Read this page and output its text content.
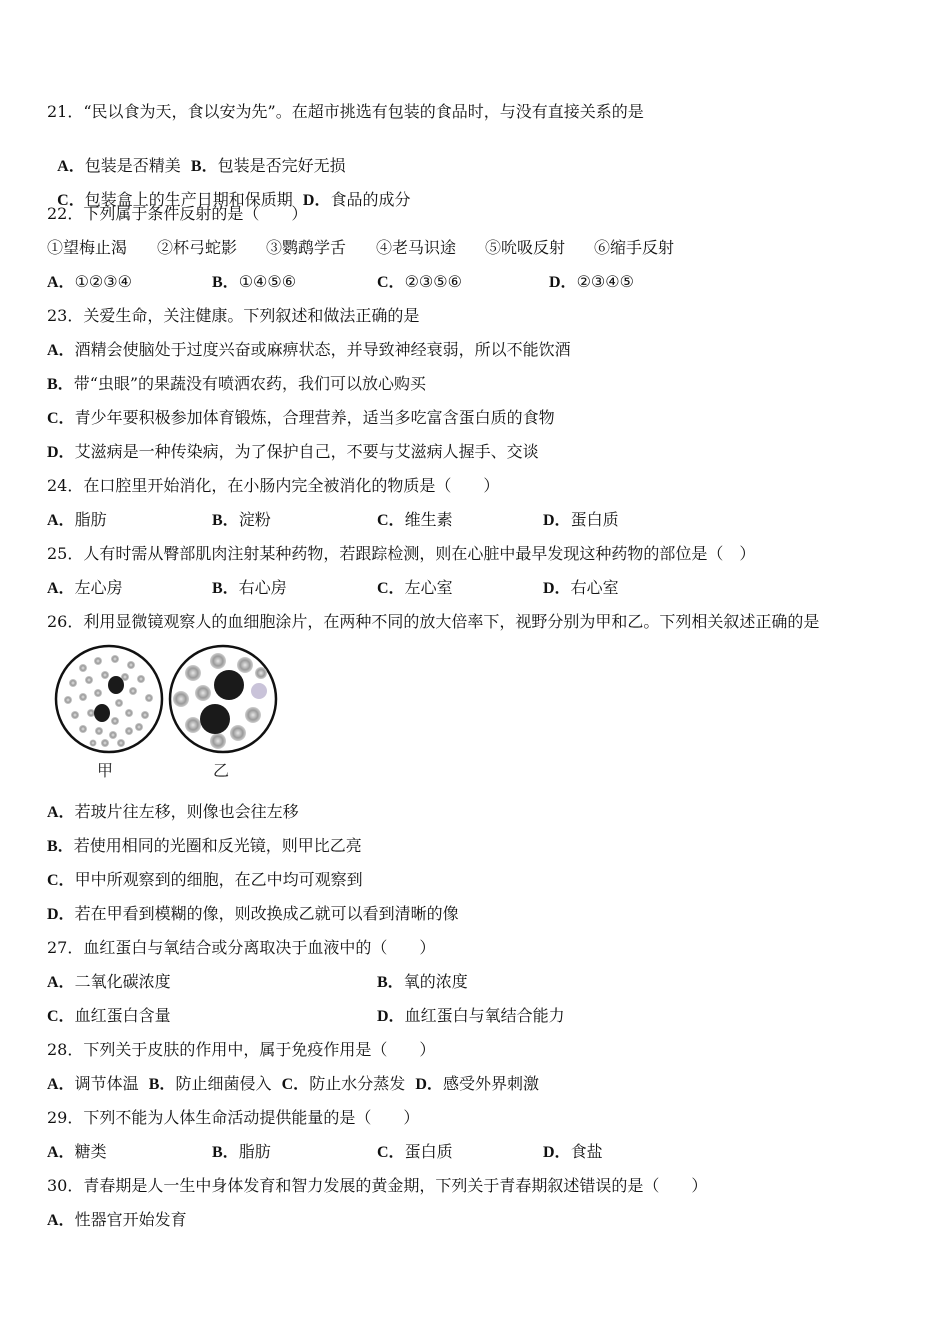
21．“民以食为天，食以安为先”。在超市挑选有包装的食品时，与没有直接关系的是

A．包装是否精美 B．包装是否完好无损

C．包装盒上的生产日期和保质期 D．食品的成分

22．下列属于条件反射的是（　　）
①望梅止渴 ②杯弓蛇影 ③鹦鹉学舌 ④老马识途 ⑤吮吸反射 ⑥缩手反射
A．①②③④	B．①④⑤⑥	C．②③⑤⑥	D．②③④⑤
23．关爱生命，关注健康。下列叙述和做法正确的是
A．酒精会使脑处于过度兴奋或麻痹状态，并导致神经衰弱，所以不能饮酒
B．带“虫眼”的果蔬没有喷洒农药，我们可以放心购买
C．青少年要积极参加体育锻炼，合理营养，适当多吃富含蛋白质的食物
D．艾滋病是一种传染病，为了保护自己，不要与艾滋病人握手、交谈
24．在口腔里开始消化，在小肠内完全被消化的物质是（　　）
A．脂肪	B．淀粉	C．维生素	D．蛋白质
25．人有时需从臀部肌肉注射某种药物，若跟踪检测，则在心脏中最早发现这种药物的部位是（　）
A．左心房	B．右心房	C．左心室	D．右心室
26．利用显微镜观察人的血细胞涂片，在两种不同的放大倍率下，视野分别为甲和乙。下列相关叙述正确的是
甲	乙
A．若玻片往左移，则像也会往左移
B．若使用相同的光圈和反光镜，则甲比乙亮
C．甲中所观察到的细胞，在乙中均可观察到
D．若在甲看到模糊的像，则改换成乙就可以看到清晰的像
27．血红蛋白与氧结合或分离取决于血液中的（　　）
A．二氧化碳浓度	B．氧的浓度
C．血红蛋白含量	D．血红蛋白与氧结合能力
28．下列关于皮肤的作用中，属于免疫作用是（　　）
A．调节体温 B．防止细菌侵入 C．防止水分蒸发 D．感受外界刺激
29．下列不能为人体生命活动提供能量的是（　　）
A．糖类	B．脂肪	C．蛋白质	D．食盐
30．青春期是人一生中身体发育和智力发展的黄金期，下列关于青春期叙述错误的是（　　）
A．性器官开始发育
